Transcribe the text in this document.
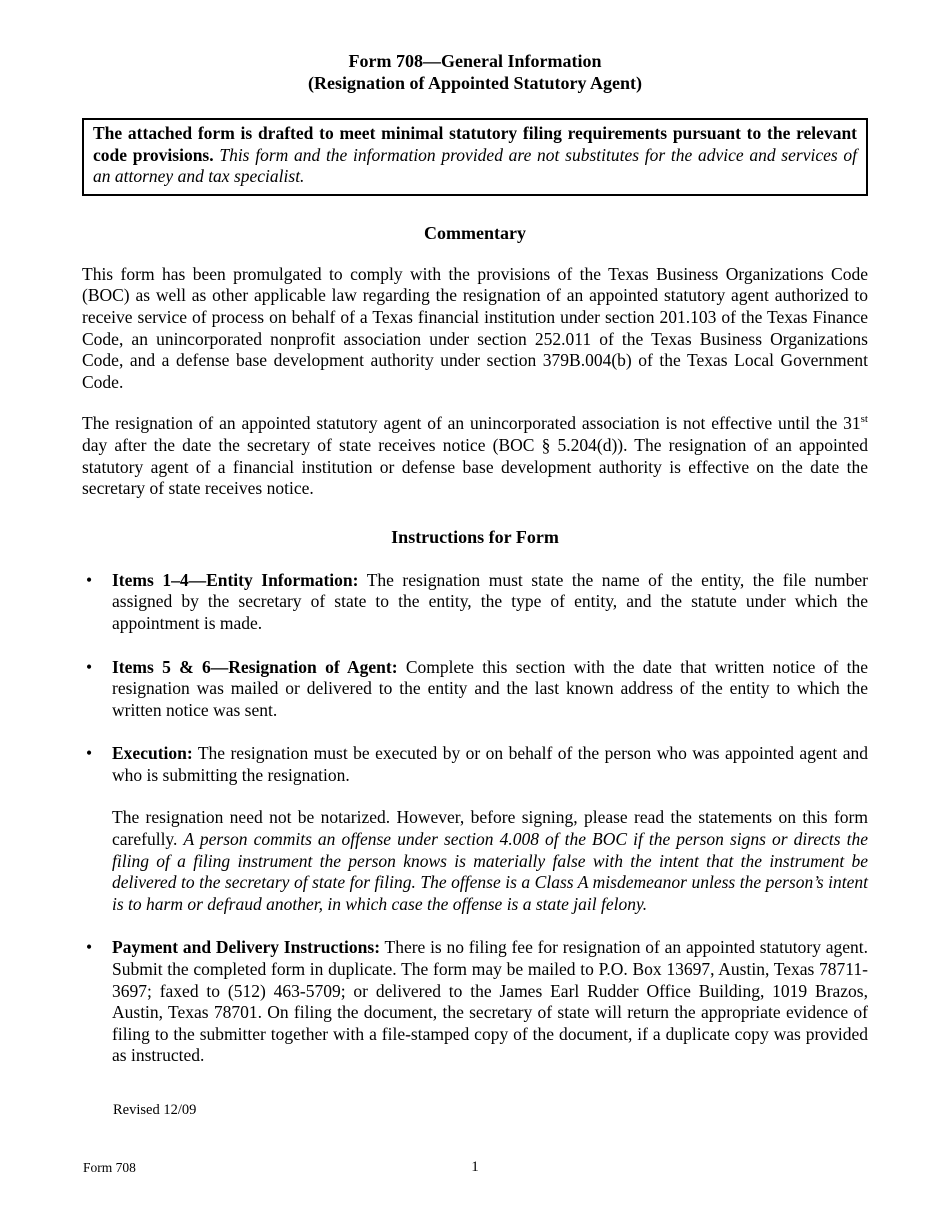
Form 708—General Information
(Resignation of Appointed Statutory Agent)
The attached form is drafted to meet minimal statutory filing requirements pursuant to the relevant code provisions. This form and the information provided are not substitutes for the advice and services of an attorney and tax specialist.
Commentary

This form has been promulgated to comply with the provisions of the Texas Business Organizations Code (BOC) as well as other applicable law regarding the resignation of an appointed statutory agent authorized to receive service of process on behalf of a Texas financial institution under section 201.103 of the Texas Finance Code, an unincorporated nonprofit association under section 252.011 of the Texas Business Organizations Code, and a defense base development authority under section 379B.004(b) of the Texas Local Government Code.

The resignation of an appointed statutory agent of an unincorporated association is not effective until the 31st day after the date the secretary of state receives notice (BOC § 5.204(d)). The resignation of an appointed statutory agent of a financial institution or defense base development authority is effective on the date the secretary of state receives notice.

Instructions for Form
•	Items 1–4—Entity Information: The resignation must state the name of the entity, the file number assigned by the secretary of state to the entity, the type of entity, and the statute under which the appointment is made.
•	Items 5 & 6—Resignation of Agent: Complete this section with the date that written notice of the resignation was mailed or delivered to the entity and the last known address of the entity to which the written notice was sent.
•	Execution: The resignation must be executed by or on behalf of the person who was appointed agent and who is submitting the resignation.

The resignation need not be notarized. However, before signing, please read the statements on this form carefully. A person commits an offense under section 4.008 of the BOC if the person signs or directs the filing of a filing instrument the person knows is materially false with the intent that the instrument be delivered to the secretary of state for filing. The offense is a Class A misdemeanor unless the person’s intent is to harm or defraud another, in which case the offense is a state jail felony.

•	Payment and Delivery Instructions: There is no filing fee for resignation of an appointed statutory agent. Submit the completed form in duplicate. The form may be mailed to P.O. Box 13697, Austin, Texas 78711-3697; faxed to (512) 463-5709; or delivered to the James Earl Rudder Office Building, 1019 Brazos, Austin, Texas 78701. On filing the document, the secretary of state will return the appropriate evidence of filing to the submitter together with a file-stamped copy of the document, if a duplicate copy was provided as instructed.
Revised 12/09
Form 708	1
